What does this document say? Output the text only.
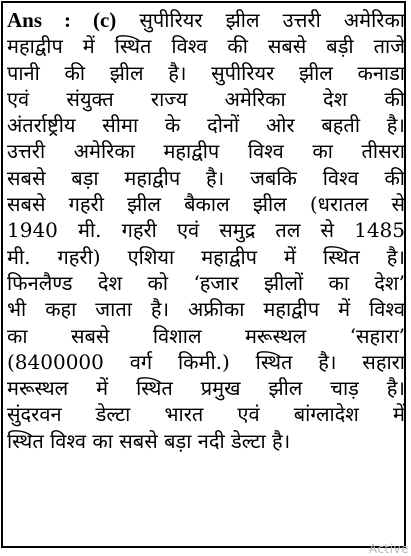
Ans : (c) सुपीरियर झील उत्तरी अमेरिका
महाद्वीप में स्थित विश्व की सबसे बड़ी ताजे
पानी की झील है। सुपीरियर झील कनाडा
एवं संयुक्त राज्य अमेरिका देश की
अंतर्राष्ट्रीय सीमा के दोनों ओर बहती है।
उत्तरी अमेरिका महाद्वीप विश्व का तीसरा
सबसे बड़ा महाद्वीप है। जबकि विश्व की
सबसे गहरी झील बैकाल झील (धरातल से
1940 मी. गहरी एवं समुद्र तल से 1485
मी. गहरी) एशिया महाद्वीप में स्थित है।
फिनलैण्ड देश को ‘हजार झीलों का देश’
भी कहा जाता है। अफ्रीका महाद्वीप में विश्व
का सबसे विशाल मरूस्थल ‘सहारा’
(8400000 वर्ग किमी.) स्थित है। सहारा
मरूस्थल में स्थित प्रमुख झील चाड़ है।
सुंदरवन डेल्टा भारत एवं बांग्लादेश में
स्थित विश्व का सबसे बड़ा नदी डेल्टा है।
Active
